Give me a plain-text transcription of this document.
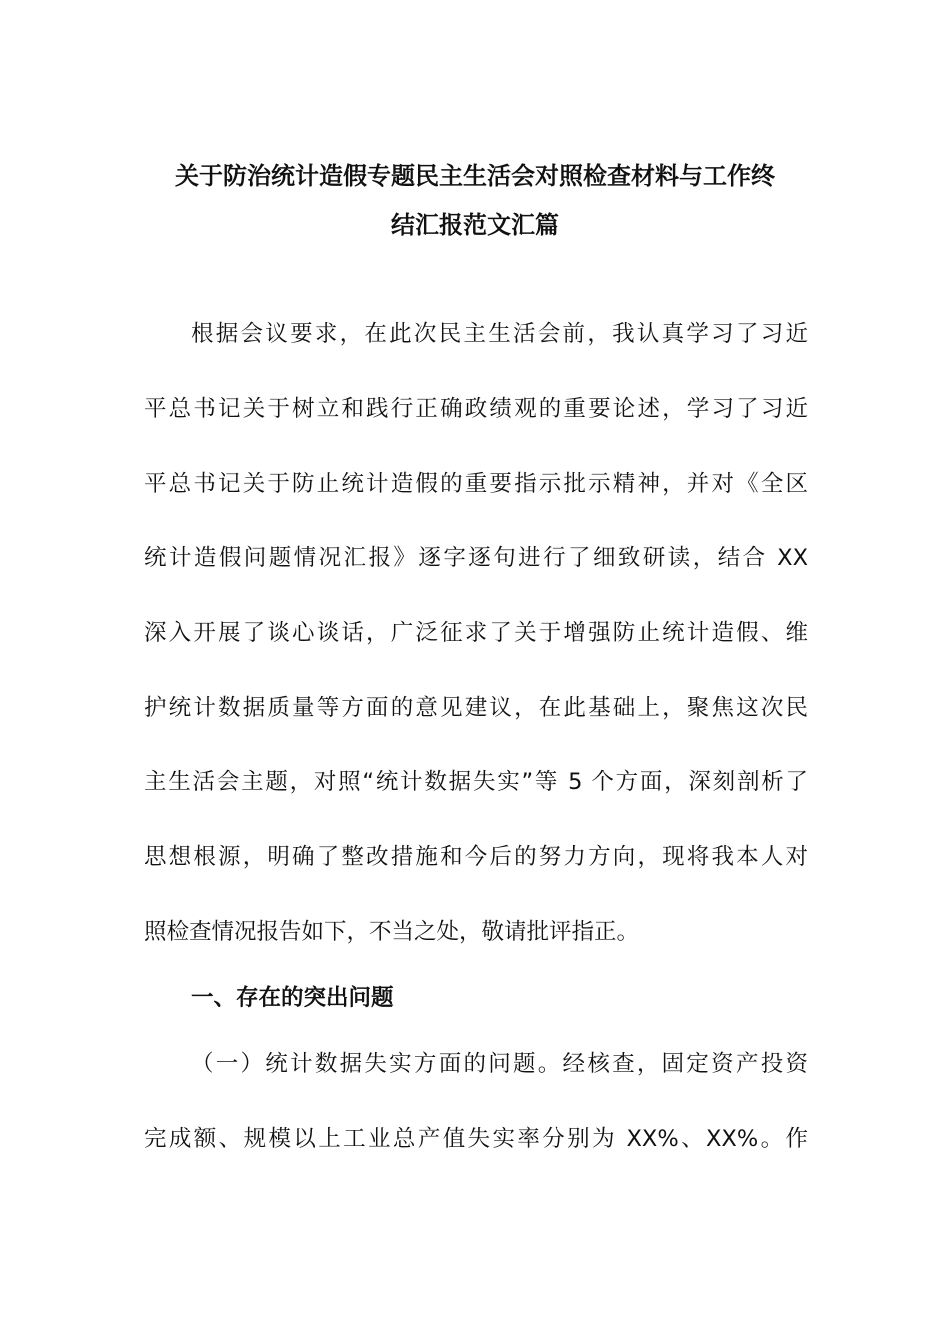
关于防治统计造假专题民主生活会对照检查材料与工作终
结汇报范文汇篇
根据会议要求，在此次民主生活会前，我认真学习了习近
平总书记关于树立和践行正确政绩观的重要论述，学习了习近
平总书记关于防止统计造假的重要指示批示精神，并对《全区
统计造假问题情况汇报》逐字逐句进行了细致研读，结合 XX
深入开展了谈心谈话，广泛征求了关于增强防止统计造假、维
护统计数据质量等方面的意见建议，在此基础上，聚焦这次民
主生活会主题，对照“统计数据失实”等 5 个方面，深刻剖析了
思想根源，明确了整改措施和今后的努力方向，现将我本人对
照检查情况报告如下，不当之处，敬请批评指正。
一、存在的突出问题
（一）统计数据失实方面的问题。经核查，固定资产投资
完成额、规模以上工业总产值失实率分别为 XX%、XX%。作
